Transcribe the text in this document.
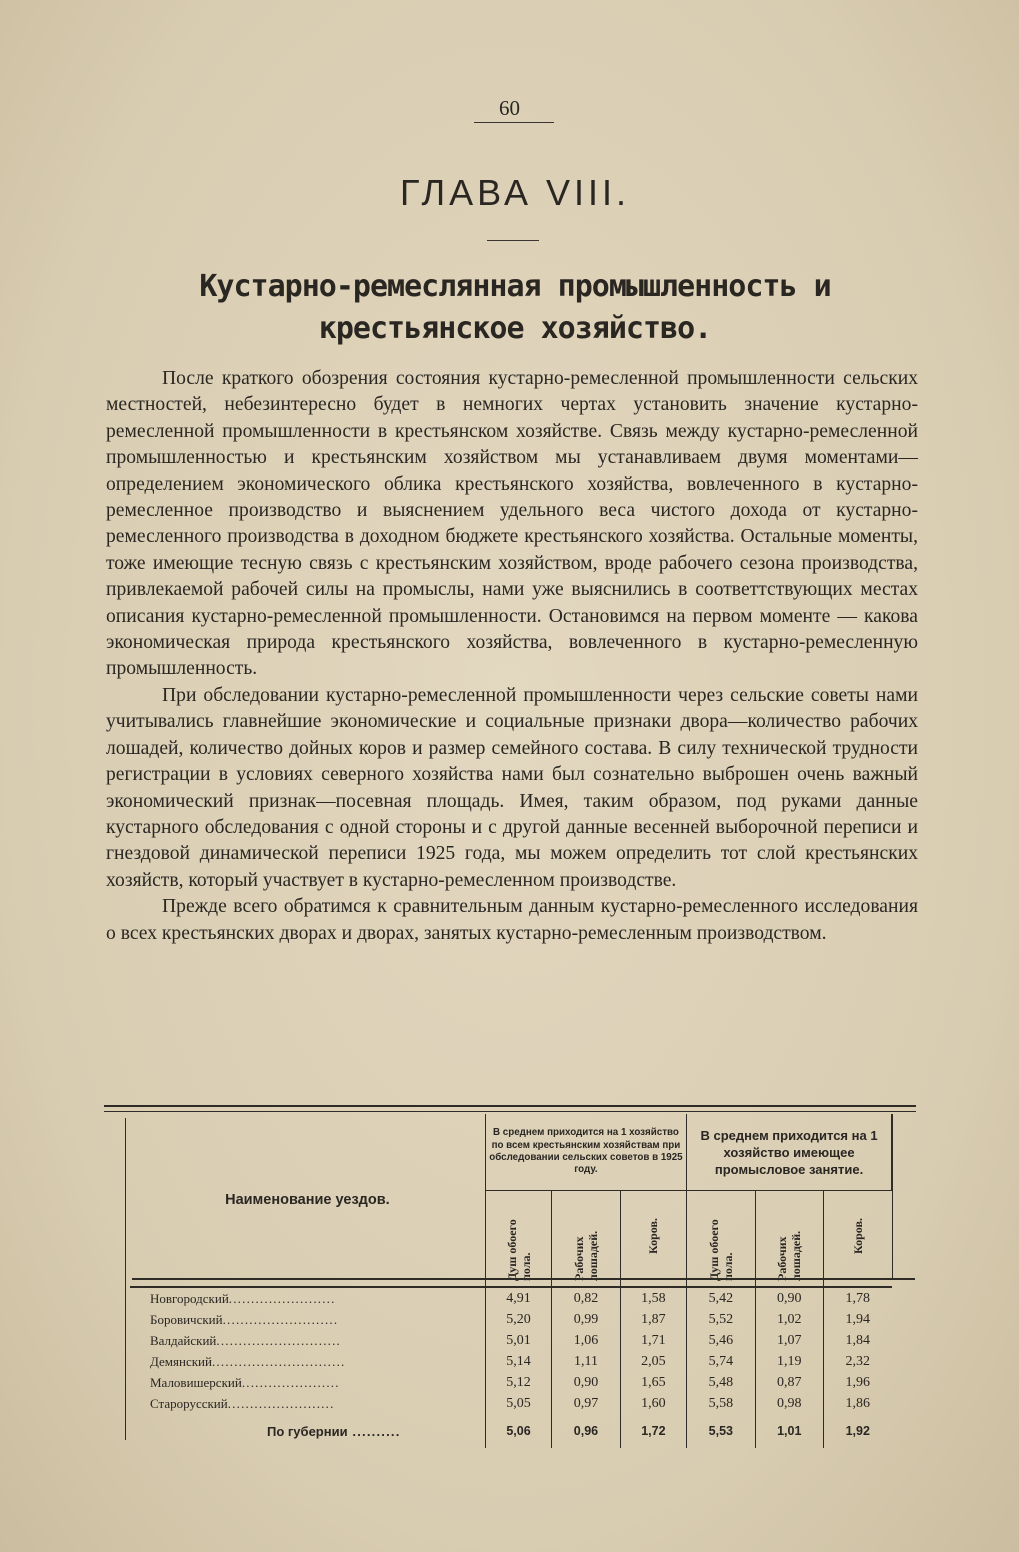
60
ГЛАВА VIII.
Кустарно-ремеслянная промышленность и крестьянское хозяйство.

После краткого обозрения состояния кустарно-ремесленной промышленности сельских местностей, небезинтересно будет в немногих чертах установить значение кустарно-ремесленной промышленности в крестьянском хозяйстве. Связь между кустарно-ремесленной промышленностью и крестьянским хозяйством мы устанавливаем двумя моментами—определением экономического облика крестьянского хозяйства, вовлеченного в кустарно-ремесленное производство и выяснением удельного веса чистого дохода от кустарно-ремесленного производства в доходном бюджете крестьянского хозяйства. Остальные моменты, тоже имеющие тесную связь с крестьянским хозяйством, вроде рабочего сезона производства, привлекаемой рабочей силы на промыслы, нами уже выяснились в соответтствующих местах описания кустарно-ремесленной промышленности. Остановимся на первом моменте — какова экономическая природа крестьянского хозяйства, вовлеченного в кустарно-ремесленную промышленность.

При обследовании кустарно-ремесленной промышленности через сельские советы нами учитывались главнейшие экономические и социальные признаки двора—количество рабочих лошадей, количество дойных коров и размер семейного состава. В силу технической трудности регистрации в условиях северного хозяйства нами был сознательно выброшен очень важный экономический признак—посевная площадь. Имея, таким образом, под руками данные кустарного обследования с одной стороны и с другой данные весенней выборочной переписи и гнездовой динамической переписи 1925 года, мы можем определить тот слой крестьянских хозяйств, который участвует в кустарно-ремесленном производстве.

Прежде всего обратимся к сравнительным данным кустарно-ремесленного исследования о всех крестьянских дворах и дворах, занятых кустарно-ремесленным производством.

Наименование уездов.	В среднем приходится на 1 хозяйство по всем крестьянским хозяйствам при обследовании сельских советов в 1925 году.			В среднем приходится на 1 хозяйство имеющее промысловое занятие.		
	Душ обоего пола.	Рабочих лошадей.	Коров.	Душ обоего пола.	Рабочих лошадей.	Коров.
Новгородский........................	4,91	0,82	1,58	5,42	0,90	1,78
Боровичский..........................	5,20	0,99	1,87	5,52	1,02	1,94
Валдайский............................	5,01	1,06	1,71	5,46	1,07	1,84
Демянский..............................	5,14	1,11	2,05	5,74	1,19	2,32
Маловишерский......................	5,12	0,90	1,65	5,48	0,87	1,96
Старорусский........................	5,05	0,97	1,60	5,58	0,98	1,86
По губернии ..........	5,06	0,96	1,72	5,53	1,01	1,92
